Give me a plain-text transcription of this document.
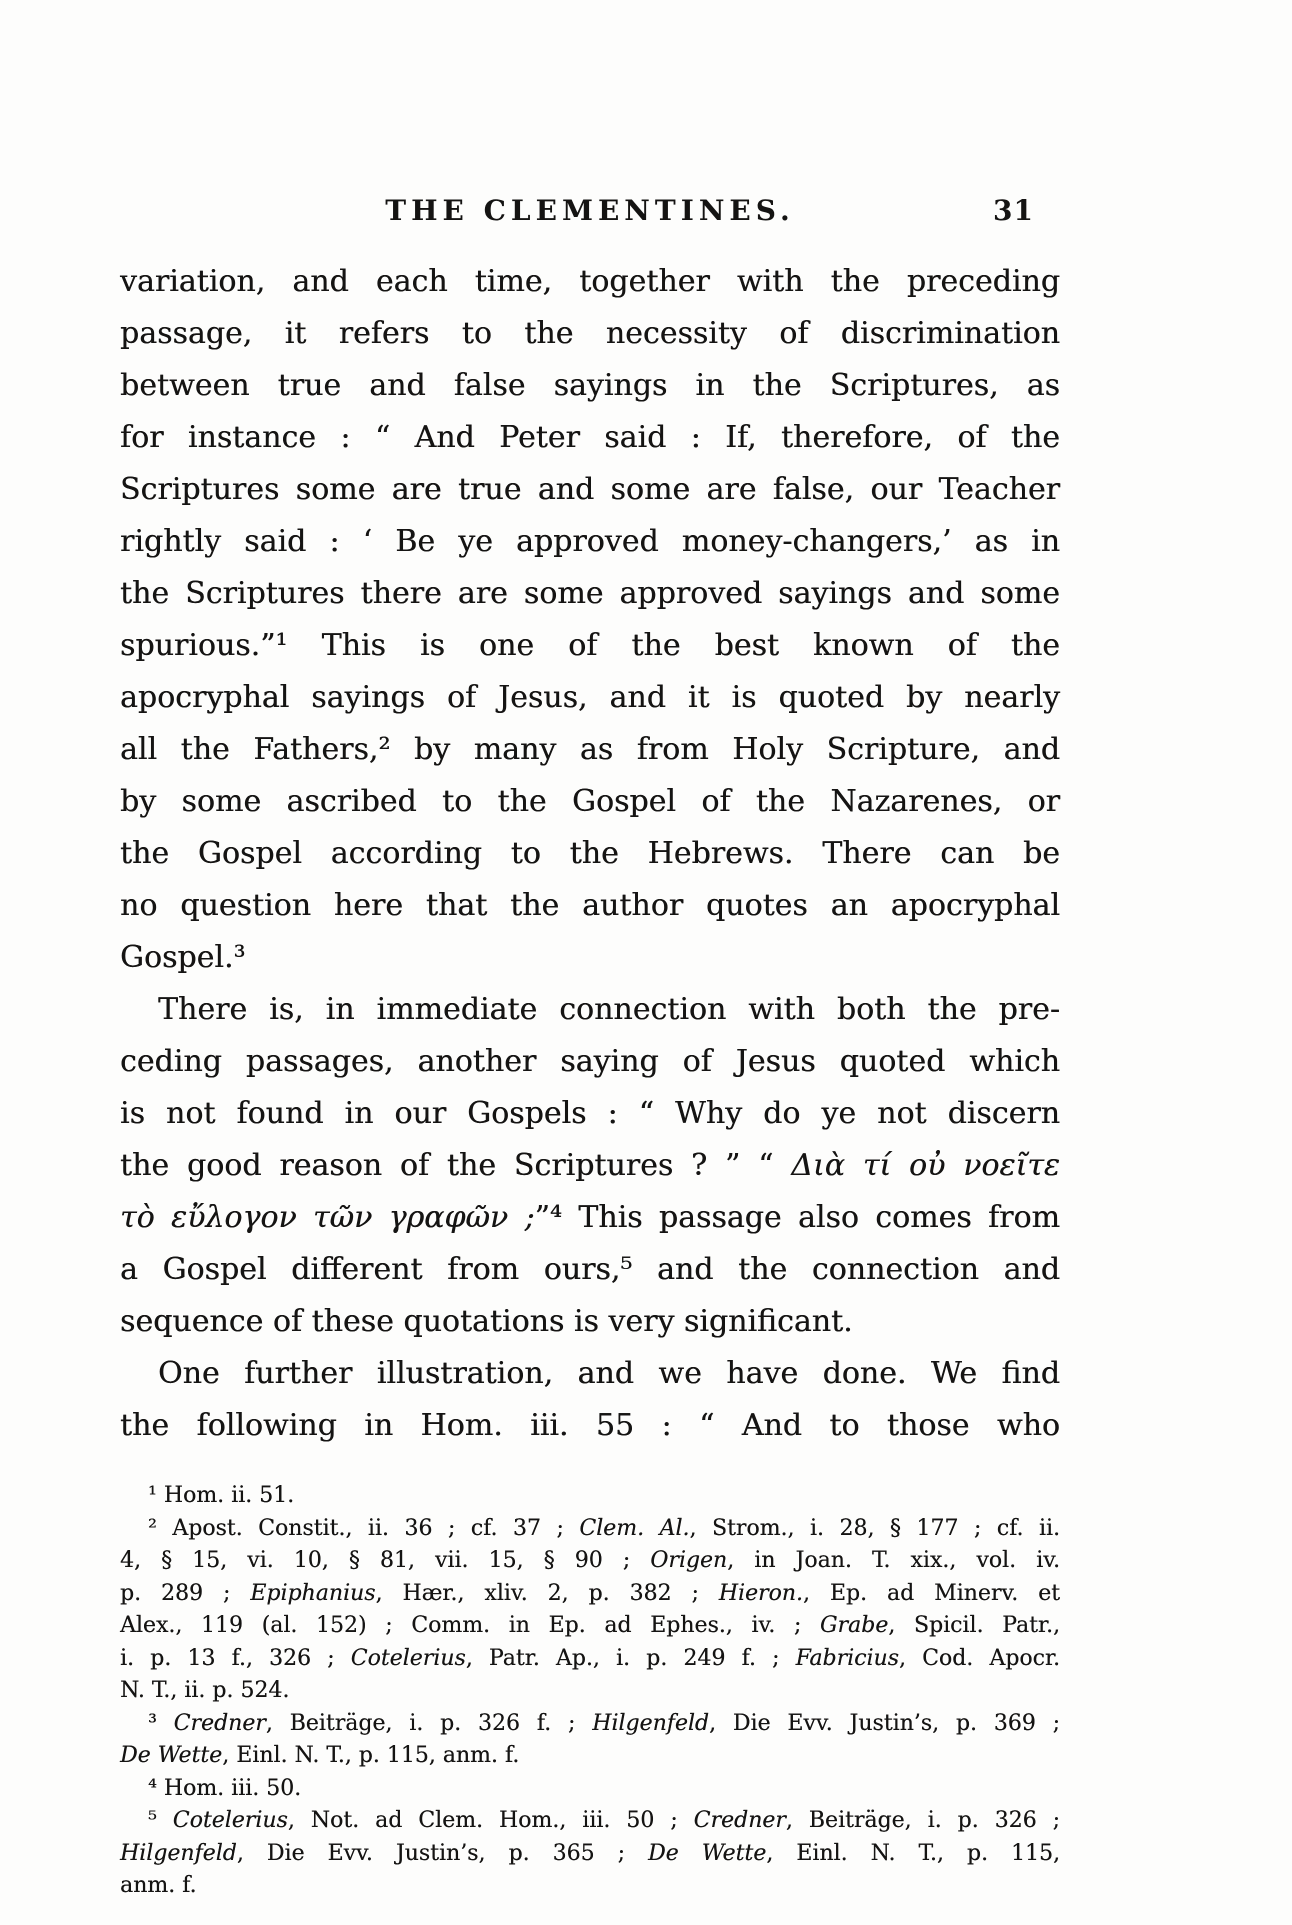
THE CLEMENTINES.	31
variation, and each time, together with the preceding
passage, it refers to the necessity of discrimination
between true and false sayings in the Scriptures, as
for instance : “ And Peter said : If, therefore, of the
Scriptures some are true and some are false, our Teacher
rightly said : ‘ Be ye approved money-changers,’ as in
the Scriptures there are some approved sayings and some
spurious.”¹ This is one of the best known of the
apocryphal sayings of Jesus, and it is quoted by nearly
all the Fathers,² by many as from Holy Scripture, and
by some ascribed to the Gospel of the Nazarenes, or
the Gospel according to the Hebrews. There can be
no question here that the author quotes an apocryphal
Gospel.³
There is, in immediate connection with both the pre-
ceding passages, another saying of Jesus quoted which
is not found in our Gospels : “ Why do ye not discern
the good reason of the Scriptures ? ” “ Διὰ τί οὐ νοεῖτε
τὸ εὔλογον τῶν γραφῶν ;”⁴ This passage also comes from
a Gospel different from ours,⁵ and the connection and
sequence of these quotations is very significant.
One further illustration, and we have done. We find
the following in Hom. iii. 55 : “ And to those who
¹ Hom. ii. 51.
² Apost. Constit., ii. 36 ; cf. 37 ; Clem. Al., Strom., i. 28, § 177 ; cf. ii.
4, § 15, vi. 10, § 81, vii. 15, § 90 ; Origen, in Joan. T. xix., vol. iv.
p. 289 ; Epiphanius, Hær., xliv. 2, p. 382 ; Hieron., Ep. ad Minerv. et
Alex., 119 (al. 152) ; Comm. in Ep. ad Ephes., iv. ; Grabe, Spicil. Patr.,
i. p. 13 f., 326 ; Cotelerius, Patr. Ap., i. p. 249 f. ; Fabricius, Cod. Apocr.
N. T., ii. p. 524.
³ Credner, Beiträge, i. p. 326 f. ; Hilgenfeld, Die Evv. Justin’s, p. 369 ;
De Wette, Einl. N. T., p. 115, anm. f.
⁴ Hom. iii. 50.
⁵ Cotelerius, Not. ad Clem. Hom., iii. 50 ; Credner, Beiträge, i. p. 326 ;
Hilgenfeld, Die Evv. Justin’s, p. 365 ; De Wette, Einl. N. T., p. 115,
anm. f.
